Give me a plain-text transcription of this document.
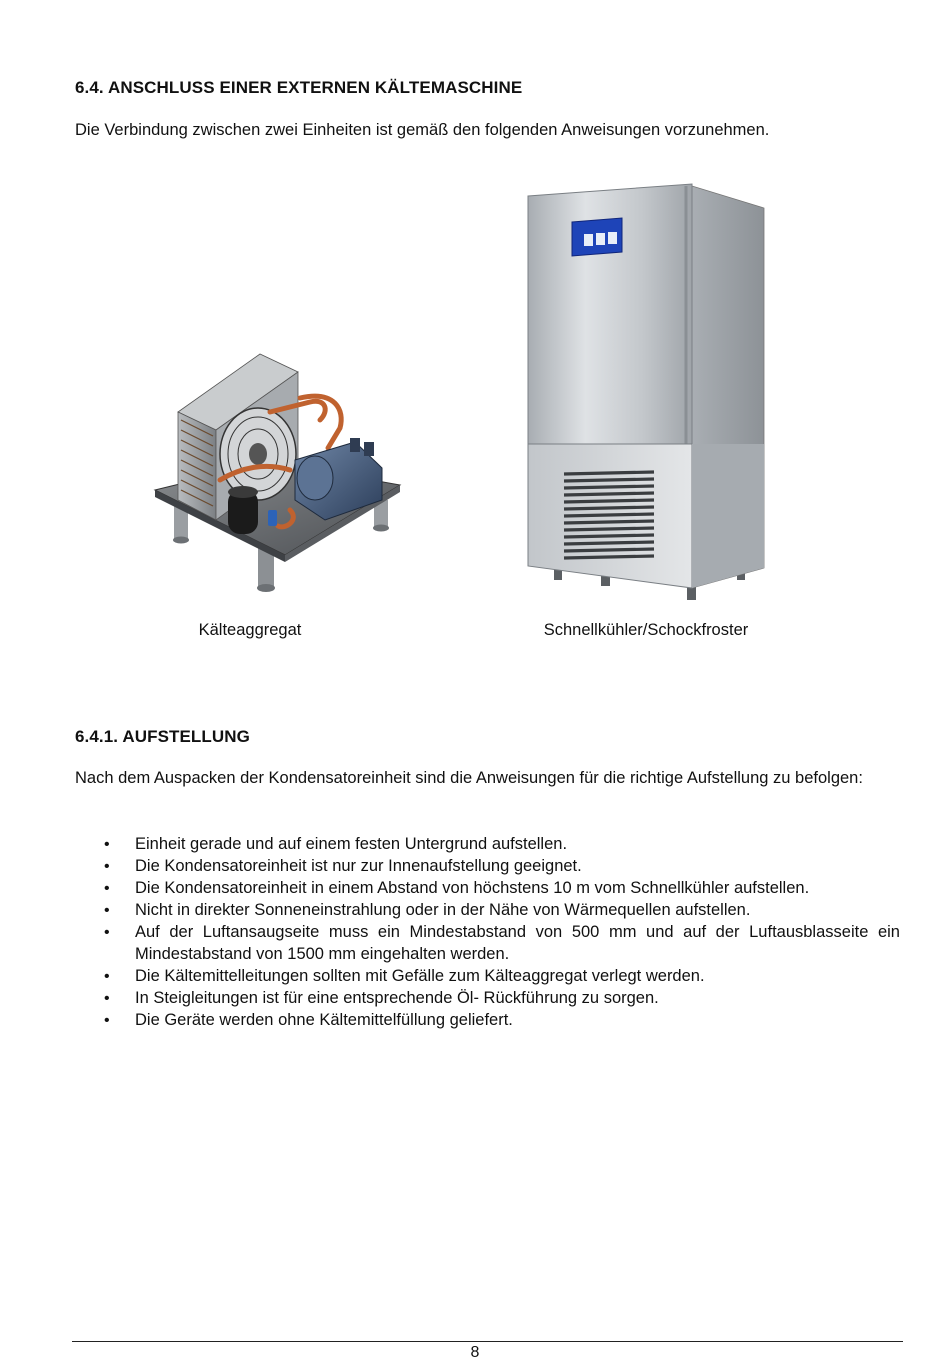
6.4. ANSCHLUSS EINER EXTERNEN KÄLTEMASCHINE
Die Verbindung zwischen zwei Einheiten ist gemäß den folgenden Anweisungen vorzunehmen.
Kälteaggregat	Schnellkühler/Schockfroster
6.4.1. AUFSTELLUNG
Nach dem Auspacken der Kondensatoreinheit sind die Anweisungen für die richtige Aufstellung zu befolgen:
• Einheit gerade und auf einem festen Untergrund aufstellen.
• Die Kondensatoreinheit ist nur zur Innenaufstellung geeignet.
• Die Kondensatoreinheit in einem Abstand von höchstens 10 m vom Schnellkühler aufstellen.
• Nicht in direkter Sonneneinstrahlung oder in der Nähe von Wärmequellen aufstellen.
• Auf der Luftansaugseite muss ein Mindestabstand von 500 mm und auf der Luftausblasseite ein Mindestabstand von 1500 mm eingehalten werden.
• Die Kältemittelleitungen sollten mit Gefälle zum Kälteaggregat verlegt werden.
• In Steigleitungen ist für eine entsprechende Öl- Rückführung zu sorgen.
• Die Geräte werden ohne Kältemittelfüllung geliefert.
8
